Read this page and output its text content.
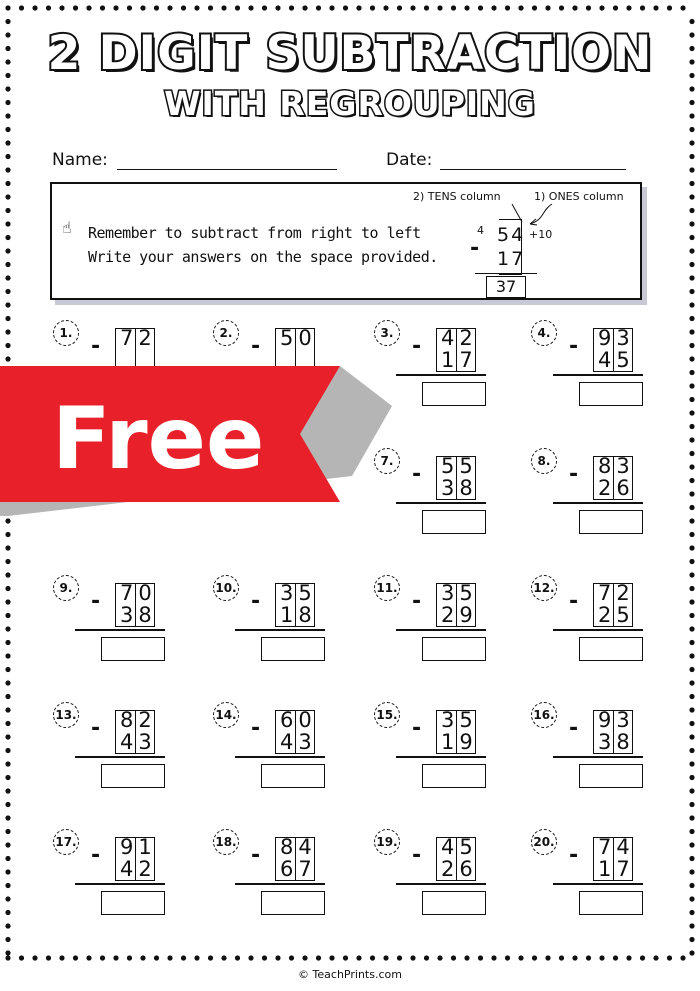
2 DIGIT SUBTRACTION
WITH REGROUPING
Name:	Date:
☝ Remember to subtract from right to left
Write your answers on the space provided.
2) TENS column	1) ONES column
4	+10
54
17
-
37
1.	72
-
2.	50
-
3.	42
17
-
4.	93
45
-
7.	55
38
-
8.	83
26
-
9.	70
38
-
10. 35
18
-
11. 35
29
-
12. 72
25
-
13. 82
43
-
14. 60
43
-
15. 35
19
-
16. 93
38
-
17. 91
42
-
18. 84
67
-
19. 45
26
-
20. 74
17
-
Free
© TeachPrints.com
